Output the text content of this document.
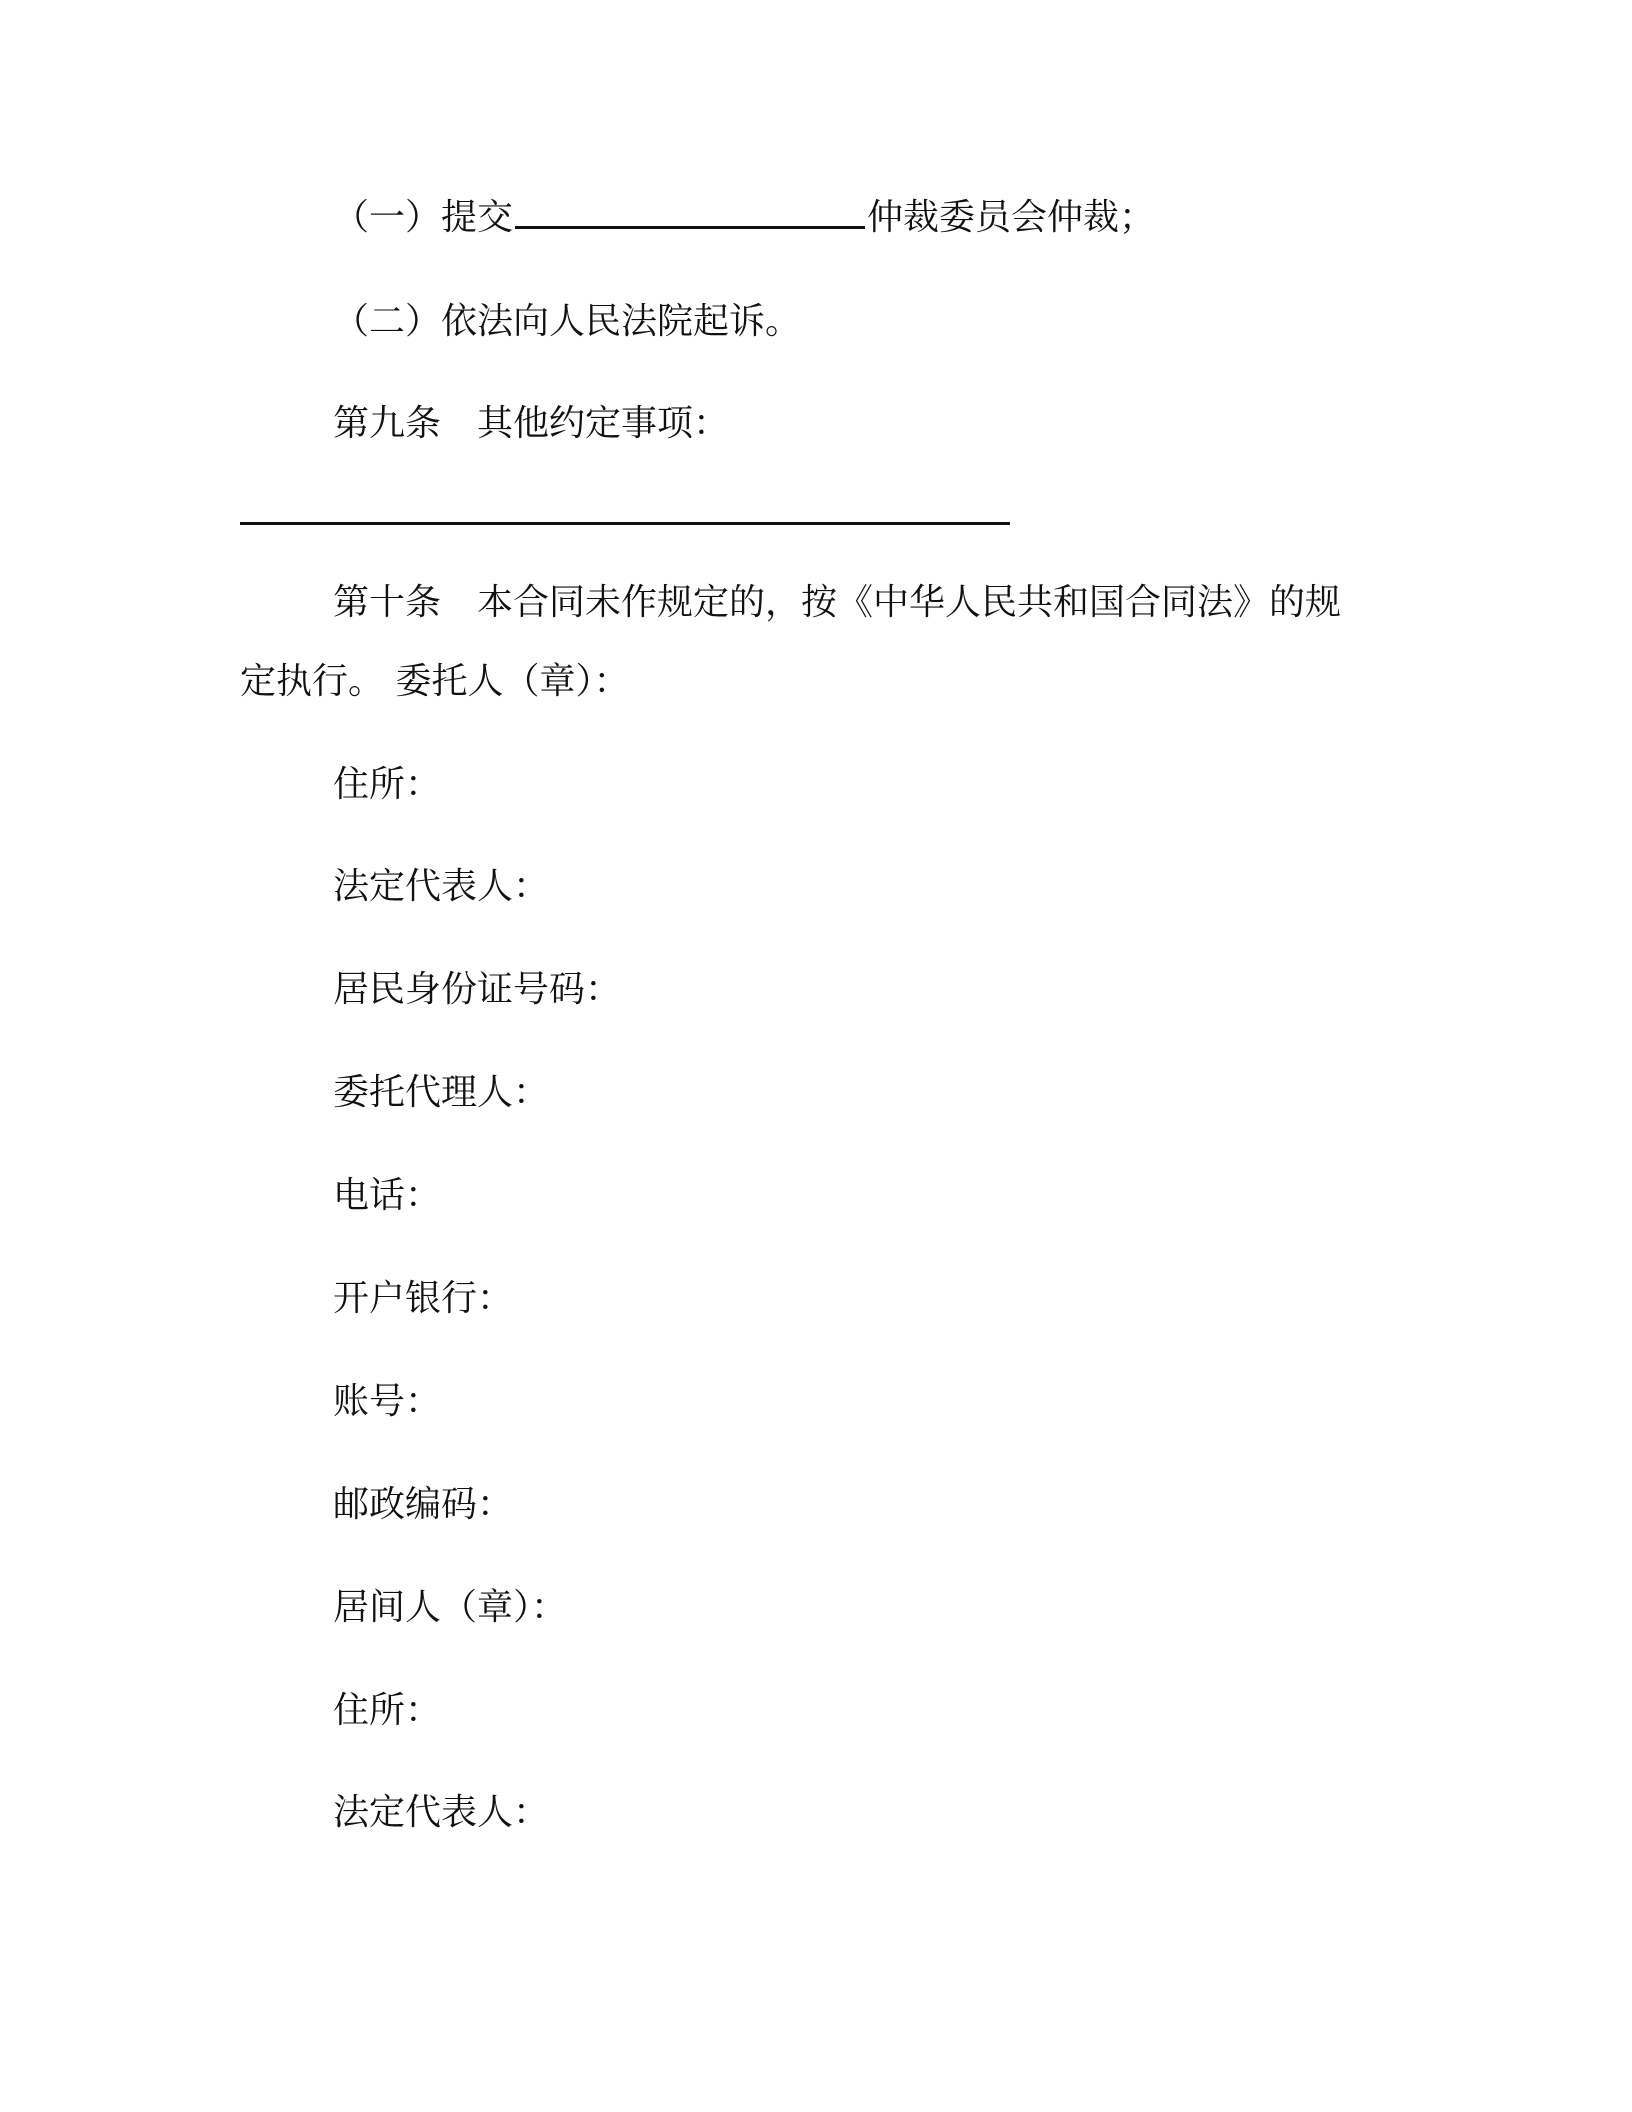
（一）提交	仲裁委员会仲裁；
（二）依法向人民法院起诉。
第九条　其他约定事项：
第十条　本合同未作规定的，按《中华人民共和国合同法》的规
定执行。 委托人（章）：
住所：
法定代表人：
居民身份证号码：
委托代理人：
电话：
开户银行：
账号：
邮政编码：
居间人（章）：
住所：
法定代表人：
